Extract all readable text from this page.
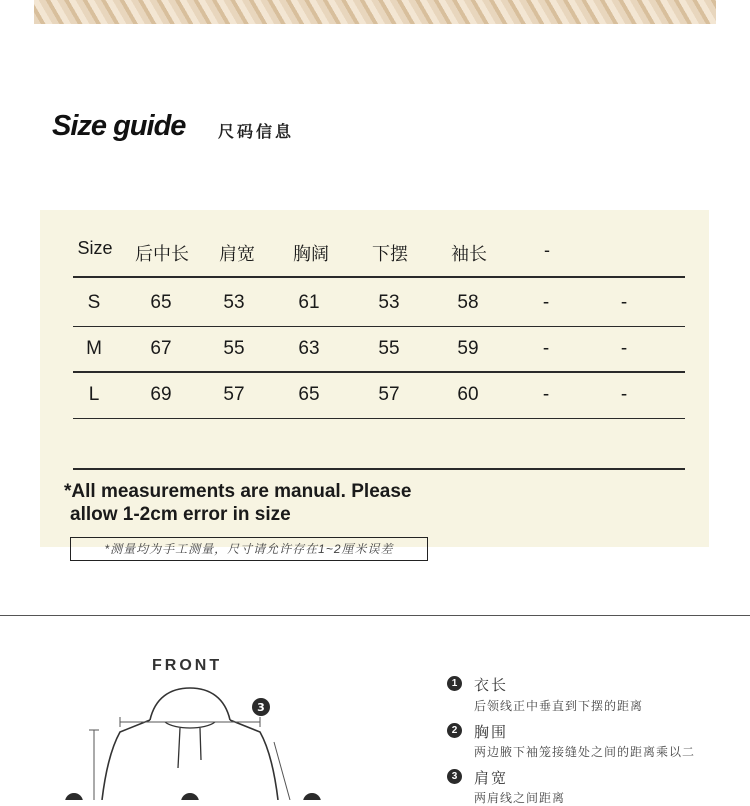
Size guide 尺码信息
Size	后中长	肩宽	胸阔	下摆	袖长	-
S	65	53	61	53	58	-	-
M	67	55	63	55	59	-	-
L	69	57	65	57	60	-	-
*All measurements are manual. Please
allow 1-2cm error in size
*测量均为手工测量，尺寸请允许存在1~2厘米误差
FRONT
3
1	衣长
后领线正中垂直到下摆的距离
2	胸围
两边腋下袖笼接缝处之间的距离乘以二
3	肩宽
两肩线之间距离
